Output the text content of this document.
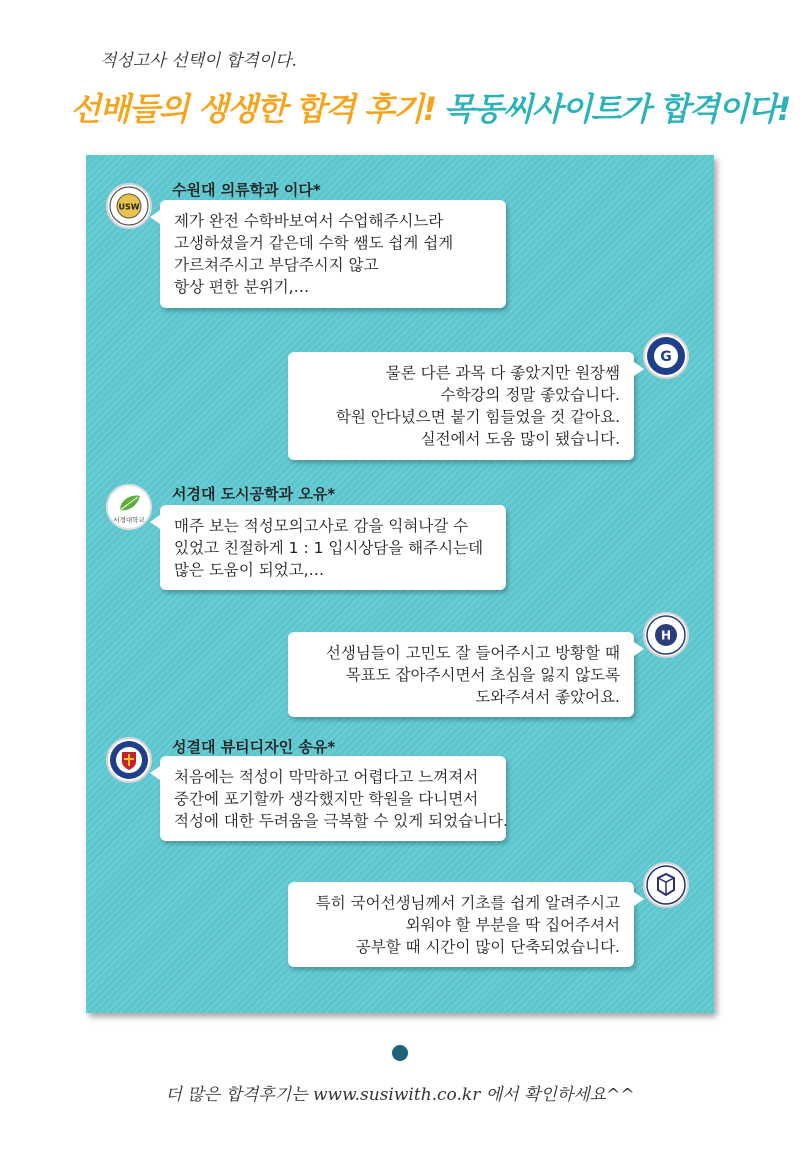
적성고사 선택이 합격이다.
선배들의 생생한 합격 후기! 목동씨사이트가 합격이다!
USW
수원대 의류학과 이다*
제가 완전 수학바보여서 수업해주시느라
고생하셨을거 같은데 수학 쌤도 쉽게 쉽게
가르쳐주시고 부담주시지 않고
항상 편한 분위기,…
G
물론 다른 과목 다 좋았지만 원장쌤
수학강의 정말 좋았습니다.
학원 안다녔으면 붙기 힘들었을 것 같아요.
실전에서 도움 많이 됐습니다.
서경대학교
서경대 도시공학과 오유*
매주 보는 적성모의고사로 감을 익혀나갈 수
있었고 친절하게 1 : 1 입시상담을 해주시는데
많은 도움이 되었고,…
H
선생님들이 고민도 잘 들어주시고 방황할 때
목표도 잡아주시면서 초심을 잃지 않도록
도와주셔서 좋았어요.
성결대 뷰티디자인 송유*
처음에는 적성이 막막하고 어렵다고 느껴져서
중간에 포기할까 생각했지만 학원을 다니면서
적성에 대한 두려움을 극복할 수 있게 되었습니다.
특히 국어선생님께서 기초를 쉽게 알려주시고
외워야 할 부분을 딱 집어주셔서
공부할 때 시간이 많이 단축되었습니다.
더 많은 합격후기는 www.susiwith.co.kr 에서 확인하세요^^
